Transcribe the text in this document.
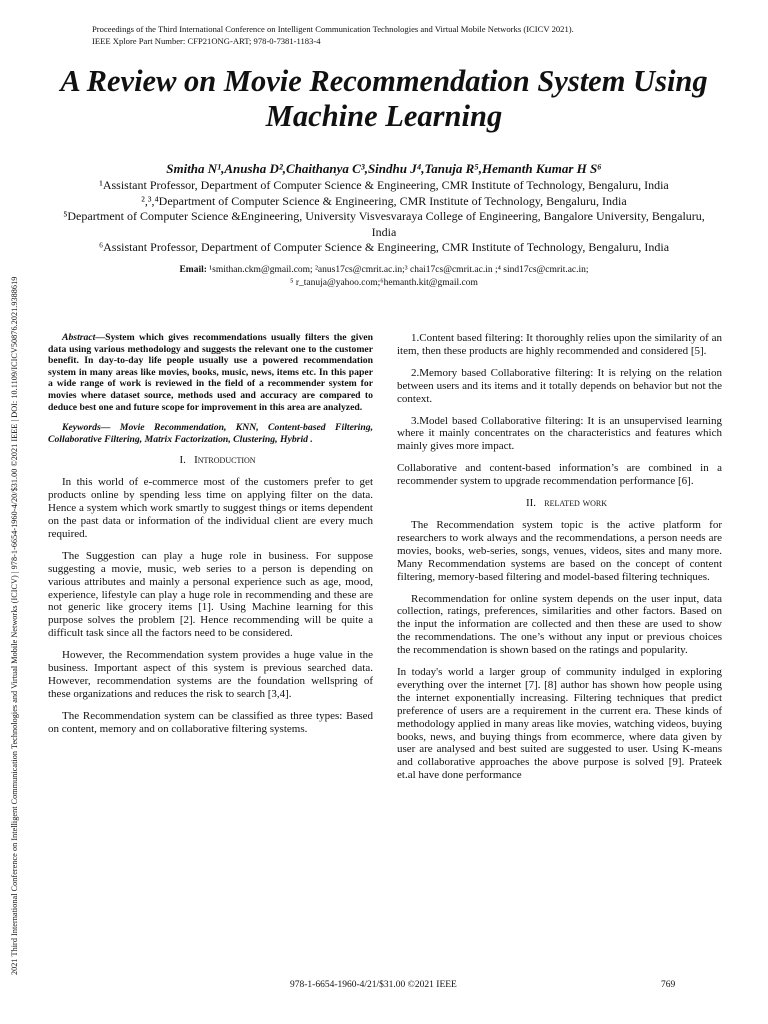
Proceedings of the Third International Conference on Intelligent Communication Technologies and Virtual Mobile Networks (ICICV 2021).
IEEE Xplore Part Number: CFP21ONG-ART; 978-0-7381-1183-4
2021 Third International Conference on Intelligent Communication Technologies and Virtual Mobile Networks (ICICV) | 978-1-6654-1960-4/20/$31.00 ©2021 IEEE | DOI: 10.1109/ICICV50876.2021.9388619
A Review on Movie Recommendation System Using Machine Learning
Smitha N¹,Anusha D²,Chaithanya C³,Sindhu J⁴,Tanuja R⁵,Hemanth Kumar H S⁶
¹Assistant Professor, Department of Computer Science & Engineering, CMR Institute of Technology, Bengaluru, India
²,³,⁴Department of Computer Science & Engineering, CMR Institute of Technology, Bengaluru, India
⁵Department of Computer Science &Engineering, University Visvesvaraya College of Engineering, Bangalore University, Bengaluru, India
⁶Assistant Professor, Department of Computer Science & Engineering, CMR Institute of Technology, Bengaluru, India
Email: ¹smithan.ckm@gmail.com; ²anus17cs@cmrit.ac.in;³ chai17cs@cmrit.ac.in ;⁴ sind17cs@cmrit.ac.in;
⁵ r_tanuja@yahoo.com;⁶hemanth.kit@gmail.com

Abstract—System which gives recommendations usually filters the given data using various methodology and suggests the relevant one to the customer benefit. In day-to-day life people usually use a powered recommendation system in many areas like movies, books, music, news, items etc. In this paper a wide range of work is reviewed in the field of a recommender system for movies where dataset source, methods used and accuracy are compared to deduce best one and future scope for improvement in this area are analyzed.

Keywords— Movie Recommendation, KNN, Content-based Filtering, Collaborative Filtering, Matrix Factorization, Clustering, Hybrid .

I. Introduction

In this world of e-commerce most of the customers prefer to get products online by spending less time on applying filter on the data. Hence a system which work smartly to suggest things or items dependent on the past data or information of the individual client are every much required.

The Suggestion can play a huge role in business. For suppose suggesting a movie, music, web series to a person is depending on various attributes and mainly a personal experience such as age, mood, experience, lifestyle can play a huge role in recommending and these are not generic like grocery items [1]. Using Machine learning for this purpose solves the problem [2]. Hence recommending will be quite a difficult task since all the factors need to be considered.

However, the Recommendation system provides a huge value in the business. Important aspect of this system is previous searched data. However, recommendation systems are the foundation wellspring of these organizations and reduces the risk to search [3,4].

The Recommendation system can be classified as three types: Based on content, memory and on collaborative filtering systems.

1.Content based filtering: It thoroughly relies upon the similarity of an item, then these products are highly recommended and considered [5].

2.Memory based Collaborative filtering: It is relying on the relation between users and its items and it totally depends on behavior but not the context.

3.Model based Collaborative filtering: It is an unsupervised learning where it mainly concentrates on the characteristics and features which mainly gives more impact.

Collaborative and content-based information’s are combined in a recommender system to upgrade recommendation performance [6].

II. related work

The Recommendation system topic is the active platform for researchers to work always and the recommendations, a person needs are movies, books, web-series, songs, venues, videos, sites and many more. Many Recommendation systems are based on the concept of content filtering, memory-based filtering and model-based filtering techniques.

Recommendation for online system depends on the user input, data collection, ratings, preferences, similarities and other factors. Based on the input the information are collected and then these are used to show the recommendations. The one’s without any input or previous choices the recommendation is shown based on the ratings and popularity.

In today's world a larger group of community indulged in exploring everything over the internet [7]. [8] author has shown how people using the internet exponentially increasing. Filtering techniques that predict preference of users are a requirement in the current era. These kinds of methodology applied in many areas like movies, watching videos, buying books, news, and buying things from ecommerce, where data given by user are analysed and best suited are suggested to user. Using K-means and collaborative approaches the above purpose is solved [9]. Prateek et.al have done performance

978-1-6654-1960-4/21/$31.00 ©2021 IEEE	769
